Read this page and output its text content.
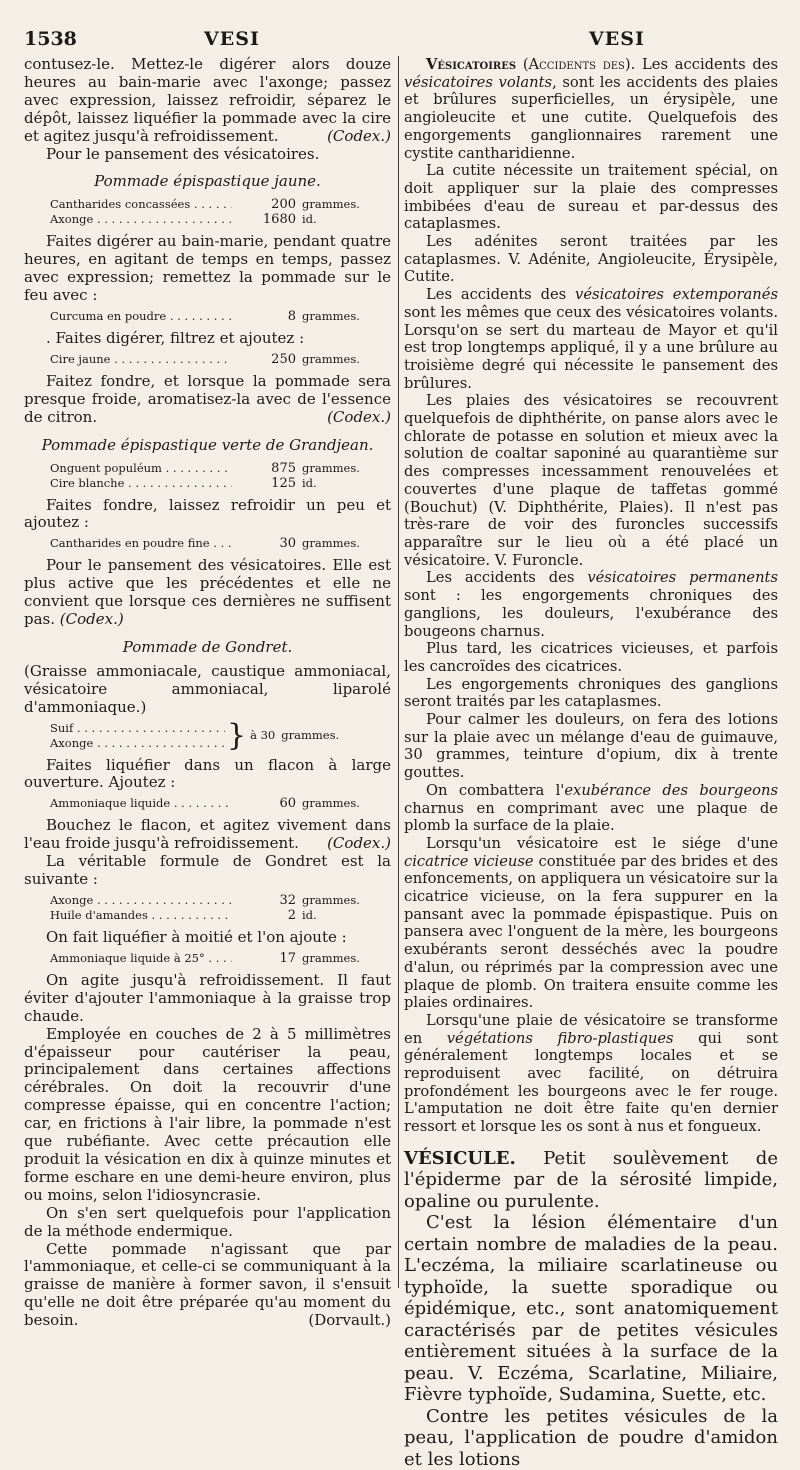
1538	VESI	VESI

contusez-le. Mettez-le digérer alors douze heures au bain-marie avec l'axonge; passez avec expression, laissez refroidir, séparez le dépôt, laissez liquéfier la pommade avec la cire et agitez jusqu'à refroidissement.	(Codex.)

Pour le pansement des vésicatoires.

Pommade épispastique jaune.

Cantharides concassées . . .	200 grammes.
Axonge . . .	1680 id.

Faites digérer au bain-marie, pendant quatre heures, en agitant de temps en temps, passez avec expression; remettez la pommade sur le feu avec :

Curcuma en poudre . . .	8 grammes.

. Faites digérer, filtrez et ajoutez :

Cire jaune . . .	250 grammes.

Faitez fondre, et lorsque la pommade sera presque froide, aromatisez-la avec de l'essence de citron.	(Codex.)

Pommade épispastique verte de Grandjean.

Onguent populéum . . .	875 grammes.
Cire blanche . . .	125 id.

Faites fondre, laissez refroidir un peu et ajoutez :

Cantharides en poudre fine . . .	30 grammes.

Pour le pansement des vésicatoires. Elle est plus active que les précédentes et elle ne convient que lorsque ces dernières ne suffisent pas. (Codex.)

Pommade de Gondret.

(Graisse ammoniacale, caustique ammoniacal, vésicatoire ammoniacal, liparolé d'ammoniaque.)

Suif . . .
Axonge . . .	} à 30 grammes.

Faites liquéfier dans un flacon à large ouverture. Ajoutez :

Ammoniaque liquide . . .	60 grammes.

Bouchez le flacon, et agitez vivement dans l'eau froide jusqu'à refroidissement.	(Codex.)

La véritable formule de Gondret est la suivante :

Axonge . . .	32 grammes.
Huile d'amandes . . .	2 id.

On fait liquéfier à moitié et l'on ajoute :

Ammoniaque liquide à 25° . . .	17 grammes.

On agite jusqu'à refroidissement. Il faut éviter d'ajouter l'ammoniaque à la graisse trop chaude.

Employée en couches de 2 à 5 millimètres d'épaisseur pour cautériser la peau, principalement dans certaines affections cérébrales. On doit la recouvrir d'une compresse épaisse, qui en concentre l'action; car, en frictions à l'air libre, la pommade n'est que rubéfiante. Avec cette précaution elle produit la vésication en dix à quinze minutes et forme eschare en une demi-heure environ, plus ou moins, selon l'idiosyncrasie.

On s'en sert quelquefois pour l'application de la méthode endermique.

Cette pommade n'agissant que par l'ammoniaque, et celle-ci se communiquant à la graisse de manière à former savon, il s'ensuit qu'elle ne doit être préparée qu'au moment du besoin.	(Dorvault.)

Vésicatoires (Accidents des). Les accidents des vésicatoires volants, sont les accidents des plaies et brûlures superficielles, un érysipèle, une angioleucite et une cutite. Quelquefois des engorgements ganglionnaires rarement une cystite cantharidienne.

La cutite nécessite un traitement spécial, on doit appliquer sur la plaie des compresses imbibées d'eau de sureau et par-dessus des cataplasmes.

Les adénites seront traitées par les cataplasmes. V. Adénite, Angioleucite, Érysipèle, Cutite.

Les accidents des vésicatoires extemporanés sont les mêmes que ceux des vésicatoires volants. Lorsqu'on se sert du marteau de Mayor et qu'il est trop longtemps appliqué, il y a une brûlure au troisième degré qui nécessite le pansement des brûlures.

Les plaies des vésicatoires se recouvrent quelquefois de diphthérite, on panse alors avec le chlorate de potasse en solution et mieux avec la solution de coaltar saponiné au quarantième sur des compresses incessamment renouvelées et couvertes d'une plaque de taffetas gommé (Bouchut) (V. Diphthérite, Plaies). Il n'est pas très-rare de voir des furoncles successifs apparaître sur le lieu où a été placé un vésicatoire. V. Furoncle.

Les accidents des vésicatoires permanents sont : les engorgements chroniques des ganglions, les douleurs, l'exubérance des bougeons charnus.

Plus tard, les cicatrices vicieuses, et parfois les cancroïdes des cicatrices.

Les engorgements chroniques des ganglions seront traités par les cataplasmes.

Pour calmer les douleurs, on fera des lotions sur la plaie avec un mélange d'eau de guimauve, 30 grammes, teinture d'opium, dix à trente gouttes.

On combattera l'exubérance des bourgeons charnus en comprimant avec une plaque de plomb la surface de la plaie.

Lorsqu'un vésicatoire est le siége d'une cicatrice vicieuse constituée par des brides et des enfoncements, on appliquera un vésicatoire sur la cicatrice vicieuse, on la fera suppurer en la pansant avec la pommade épispastique. Puis on pansera avec l'onguent de la mère, les bourgeons exubérants seront desséchés avec la poudre d'alun, ou réprimés par la compression avec une plaque de plomb. On traitera ensuite comme les plaies ordinaires.

Lorsqu'une plaie de vésicatoire se transforme en végétations fibro-plastiques qui sont généralement longtemps locales et se reproduisent avec facilité, on détruira profondément les bourgeons avec le fer rouge. L'amputation ne doit être faite qu'en dernier ressort et lorsque les os sont à nus et fongueux.

VÉSICULE. Petit soulèvement de l'épiderme par de la sérosité limpide, opaline ou purulente.

C'est la lésion élémentaire d'un certain nombre de maladies de la peau. L'eczéma, la miliaire scarlatineuse ou typhoïde, la suette sporadique ou épidémique, etc., sont anatomiquement caractérisés par de petites vésicules entièrement situées à la surface de la peau. V. Eczéma, Scarlatine, Miliaire, Fièvre typhoïde, Sudamina, Suette, etc.

Contre les petites vésicules de la peau, l'application de poudre d'amidon et les lotions
